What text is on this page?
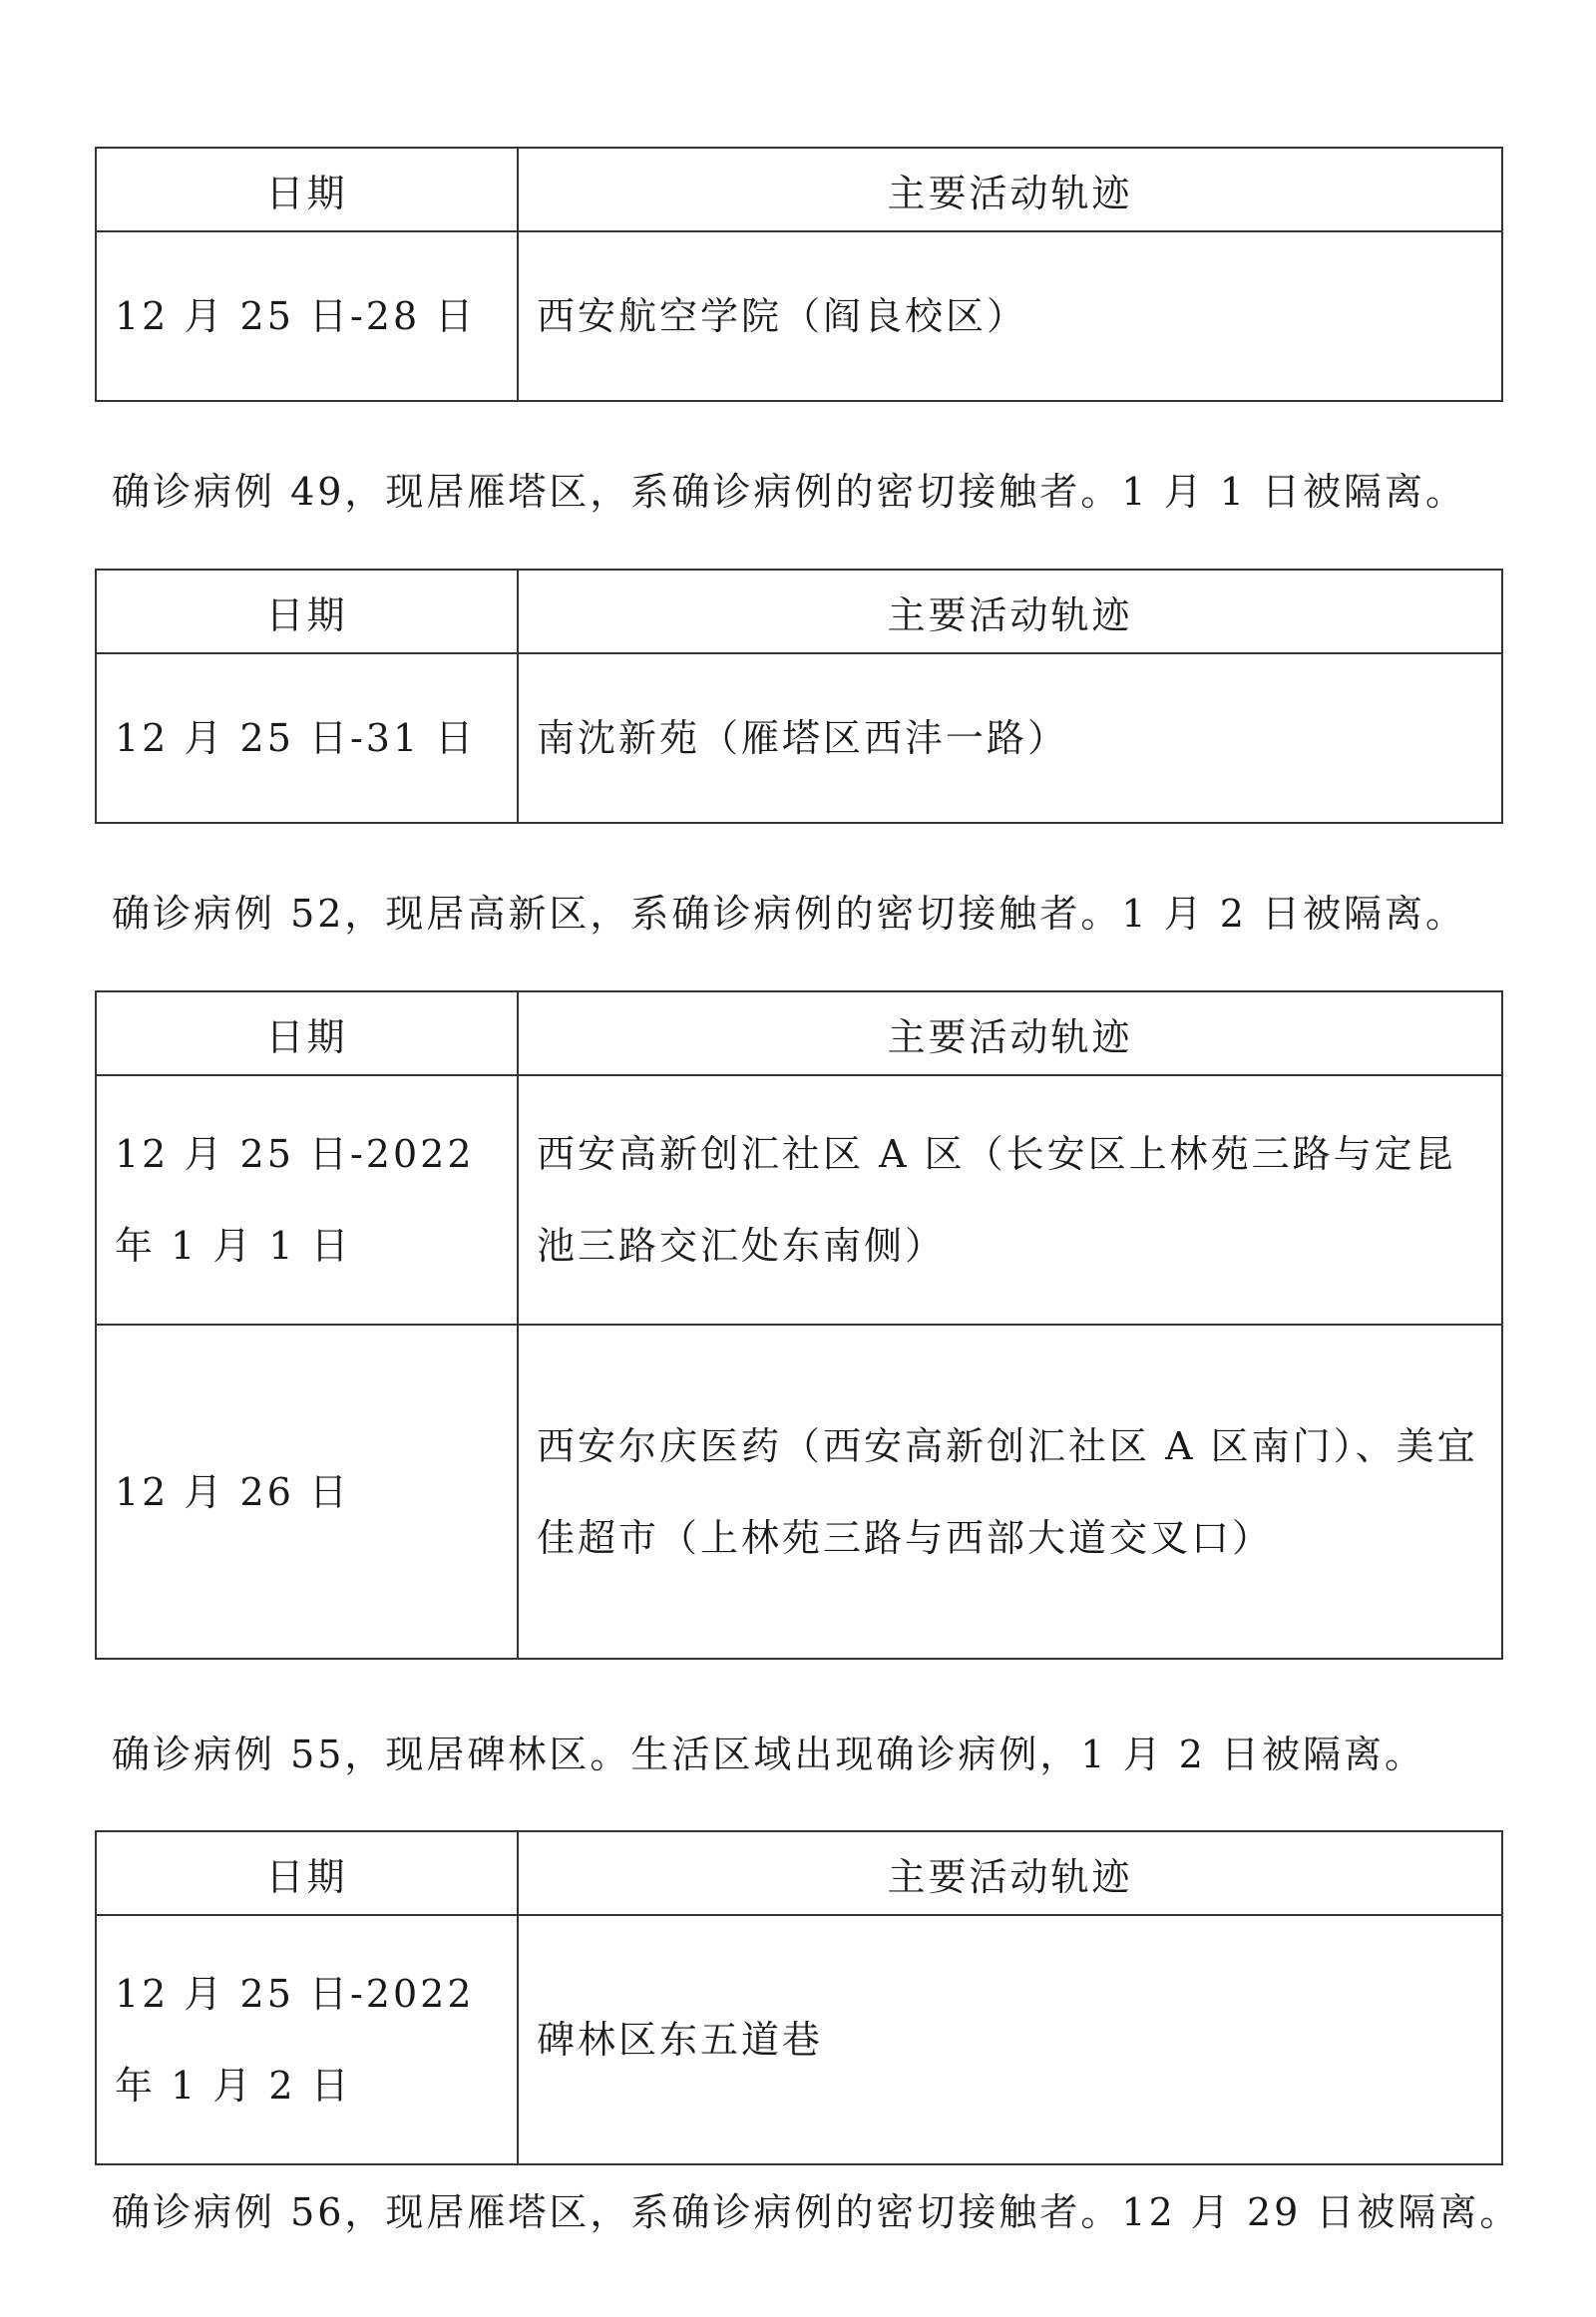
日期	主要活动轨迹
12 月 25 日-28 日	西安航空学院（阎良校区）
确诊病例 49，现居雁塔区，系确诊病例的密切接触者。1 月 1 日被隔离。
日期	主要活动轨迹
12 月 25 日-31 日	南沈新苑（雁塔区西沣一路）
确诊病例 52，现居高新区，系确诊病例的密切接触者。1 月 2 日被隔离。
日期	主要活动轨迹
12 月 25 日-2022 年 1 月 1 日	西安高新创汇社区 A 区（长安区上林苑三路与定昆池三路交汇处东南侧）
12 月 26 日	西安尔庆医药（西安高新创汇社区 A 区南门）、美宜佳超市（上林苑三路与西部大道交叉口）
确诊病例 55，现居碑林区。生活区域出现确诊病例，1 月 2 日被隔离。
日期	主要活动轨迹
12 月 25 日-2022 年 1 月 2 日	碑林区东五道巷
确诊病例 56，现居雁塔区，系确诊病例的密切接触者。12 月 29 日被隔离。
